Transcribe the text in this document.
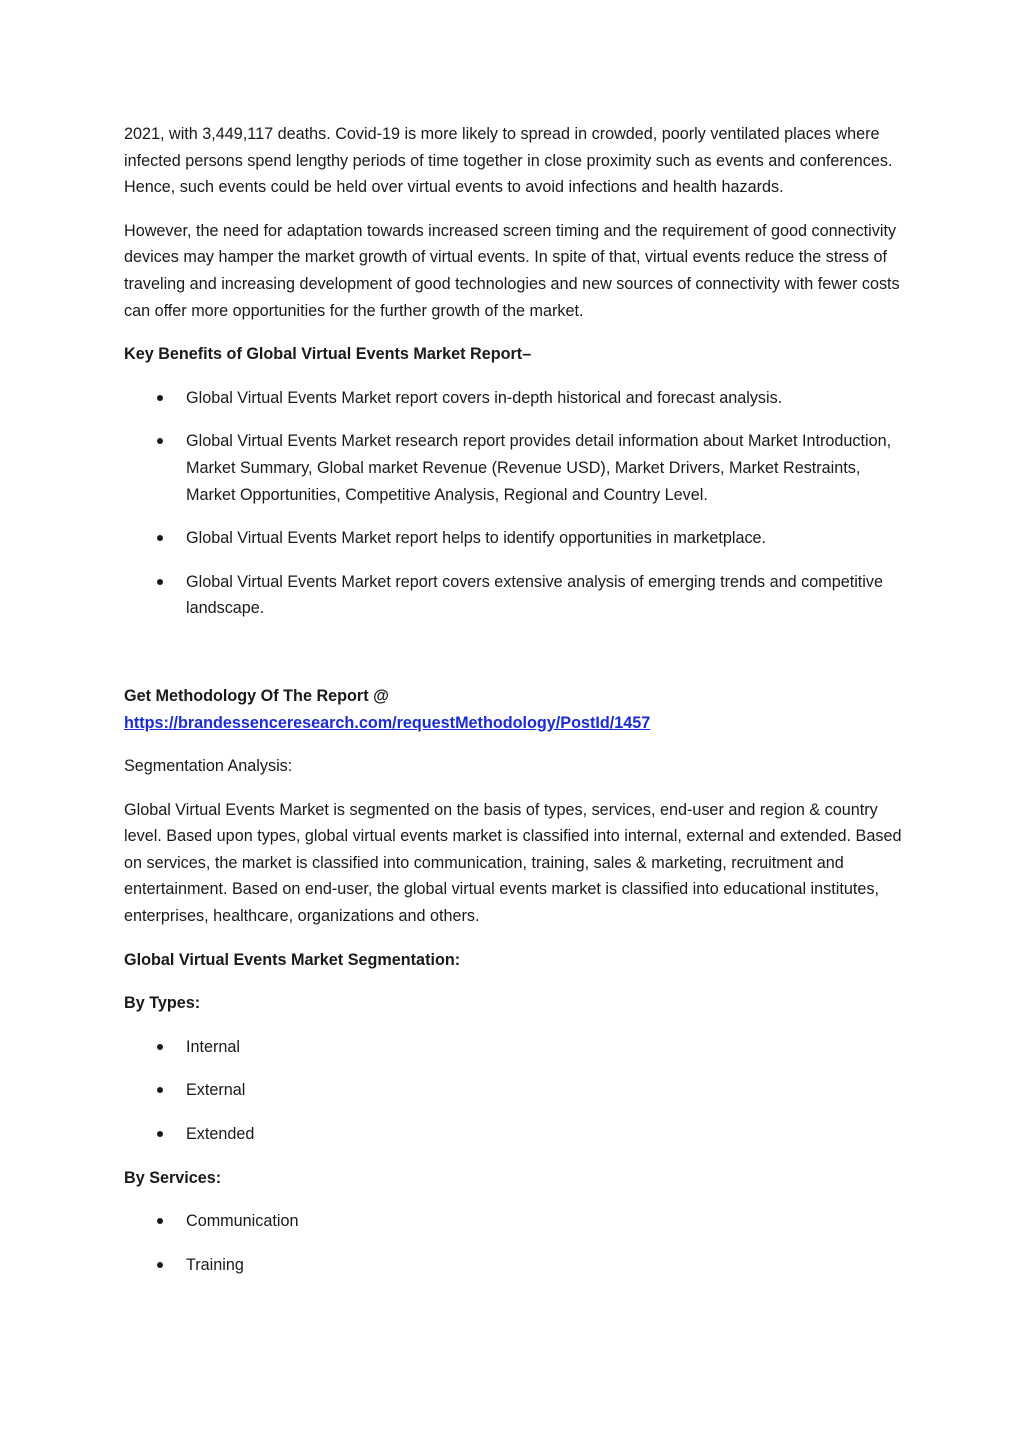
2021, with 3,449,117 deaths. Covid-19 is more likely to spread in crowded, poorly ventilated places where infected persons spend lengthy periods of time together in close proximity such as events and conferences. Hence, such events could be held over virtual events to avoid infections and health hazards.

However, the need for adaptation towards increased screen timing and the requirement of good connectivity devices may hamper the market growth of virtual events. In spite of that, virtual events reduce the stress of traveling and increasing development of good technologies and new sources of connectivity with fewer costs can offer more opportunities for the further growth of the market.

Key Benefits of Global Virtual Events Market Report–

Global Virtual Events Market report covers in-depth historical and forecast analysis.
Global Virtual Events Market research report provides detail information about Market Introduction, Market Summary, Global market Revenue (Revenue USD), Market Drivers, Market Restraints, Market Opportunities, Competitive Analysis, Regional and Country Level.
Global Virtual Events Market report helps to identify opportunities in marketplace.
Global Virtual Events Market report covers extensive analysis of emerging trends and competitive landscape.
Get Methodology Of The Report @
https://brandessenceresearch.com/requestMethodology/PostId/1457

Segmentation Analysis:

Global Virtual Events Market is segmented on the basis of types, services, end-user and region & country level. Based upon types, global virtual events market is classified into internal, external and extended. Based on services, the market is classified into communication, training, sales & marketing, recruitment and entertainment. Based on end-user, the global virtual events market is classified into educational institutes, enterprises, healthcare, organizations and others.

Global Virtual Events Market Segmentation:

By Types:

Internal
External
Extended

By Services:

Communication
Training
